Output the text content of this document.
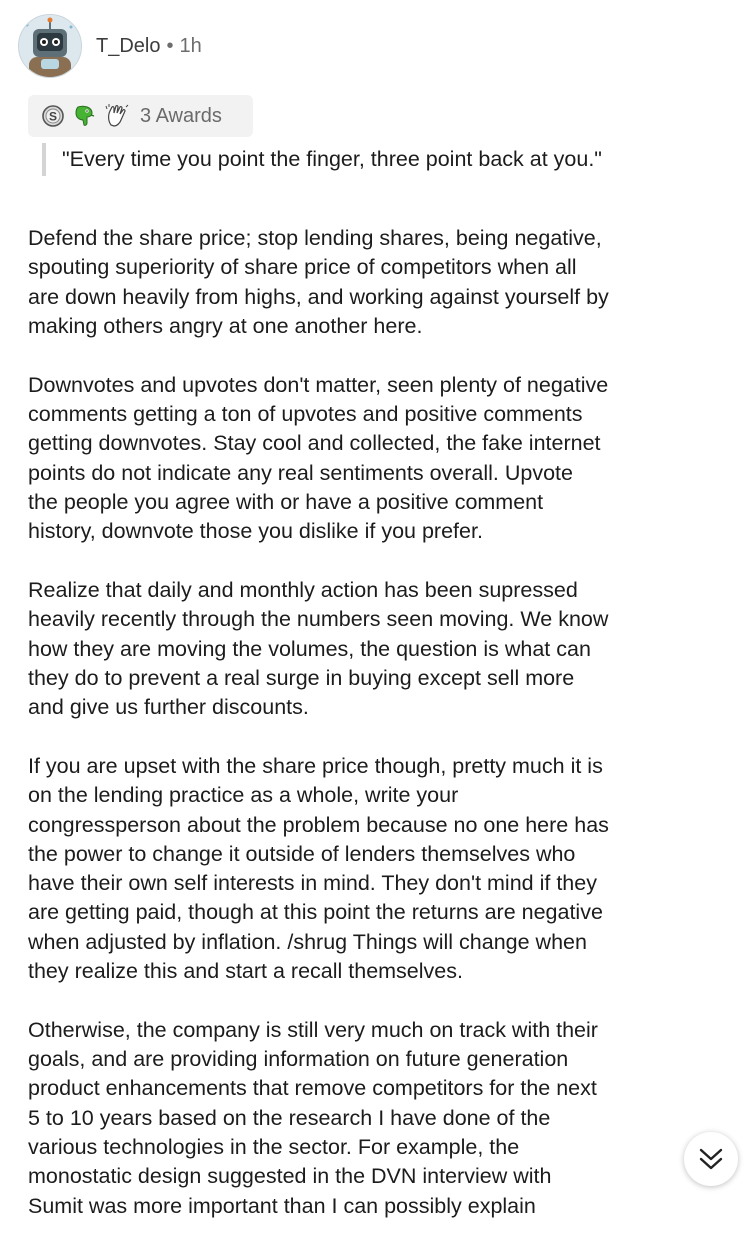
T_Delo • 1h
S	3 Awards
"Every time you point the finger, three point back at you."

Defend the share price; stop lending shares, being negative,
spouting superiority of share price of competitors when all
are down heavily from highs, and working against yourself by
making others angry at one another here.

Downvotes and upvotes don't matter, seen plenty of negative
comments getting a ton of upvotes and positive comments
getting downvotes. Stay cool and collected, the fake internet
points do not indicate any real sentiments overall. Upvote
the people you agree with or have a positive comment
history, downvote those you dislike if you prefer.

Realize that daily and monthly action has been supressed
heavily recently through the numbers seen moving. We know
how they are moving the volumes, the question is what can
they do to prevent a real surge in buying except sell more
and give us further discounts.

If you are upset with the share price though, pretty much it is
on the lending practice as a whole, write your
congressperson about the problem because no one here has
the power to change it outside of lenders themselves who
have their own self interests in mind. They don't mind if they
are getting paid, though at this point the returns are negative
when adjusted by inflation. /shrug Things will change when
they realize this and start a recall themselves.

Otherwise, the company is still very much on track with their
goals, and are providing information on future generation
product enhancements that remove competitors for the next
5 to 10 years based on the research I have done of the
various technologies in the sector. For example, the
monostatic design suggested in the DVN interview with
Sumit was more important than I can possibly explain
